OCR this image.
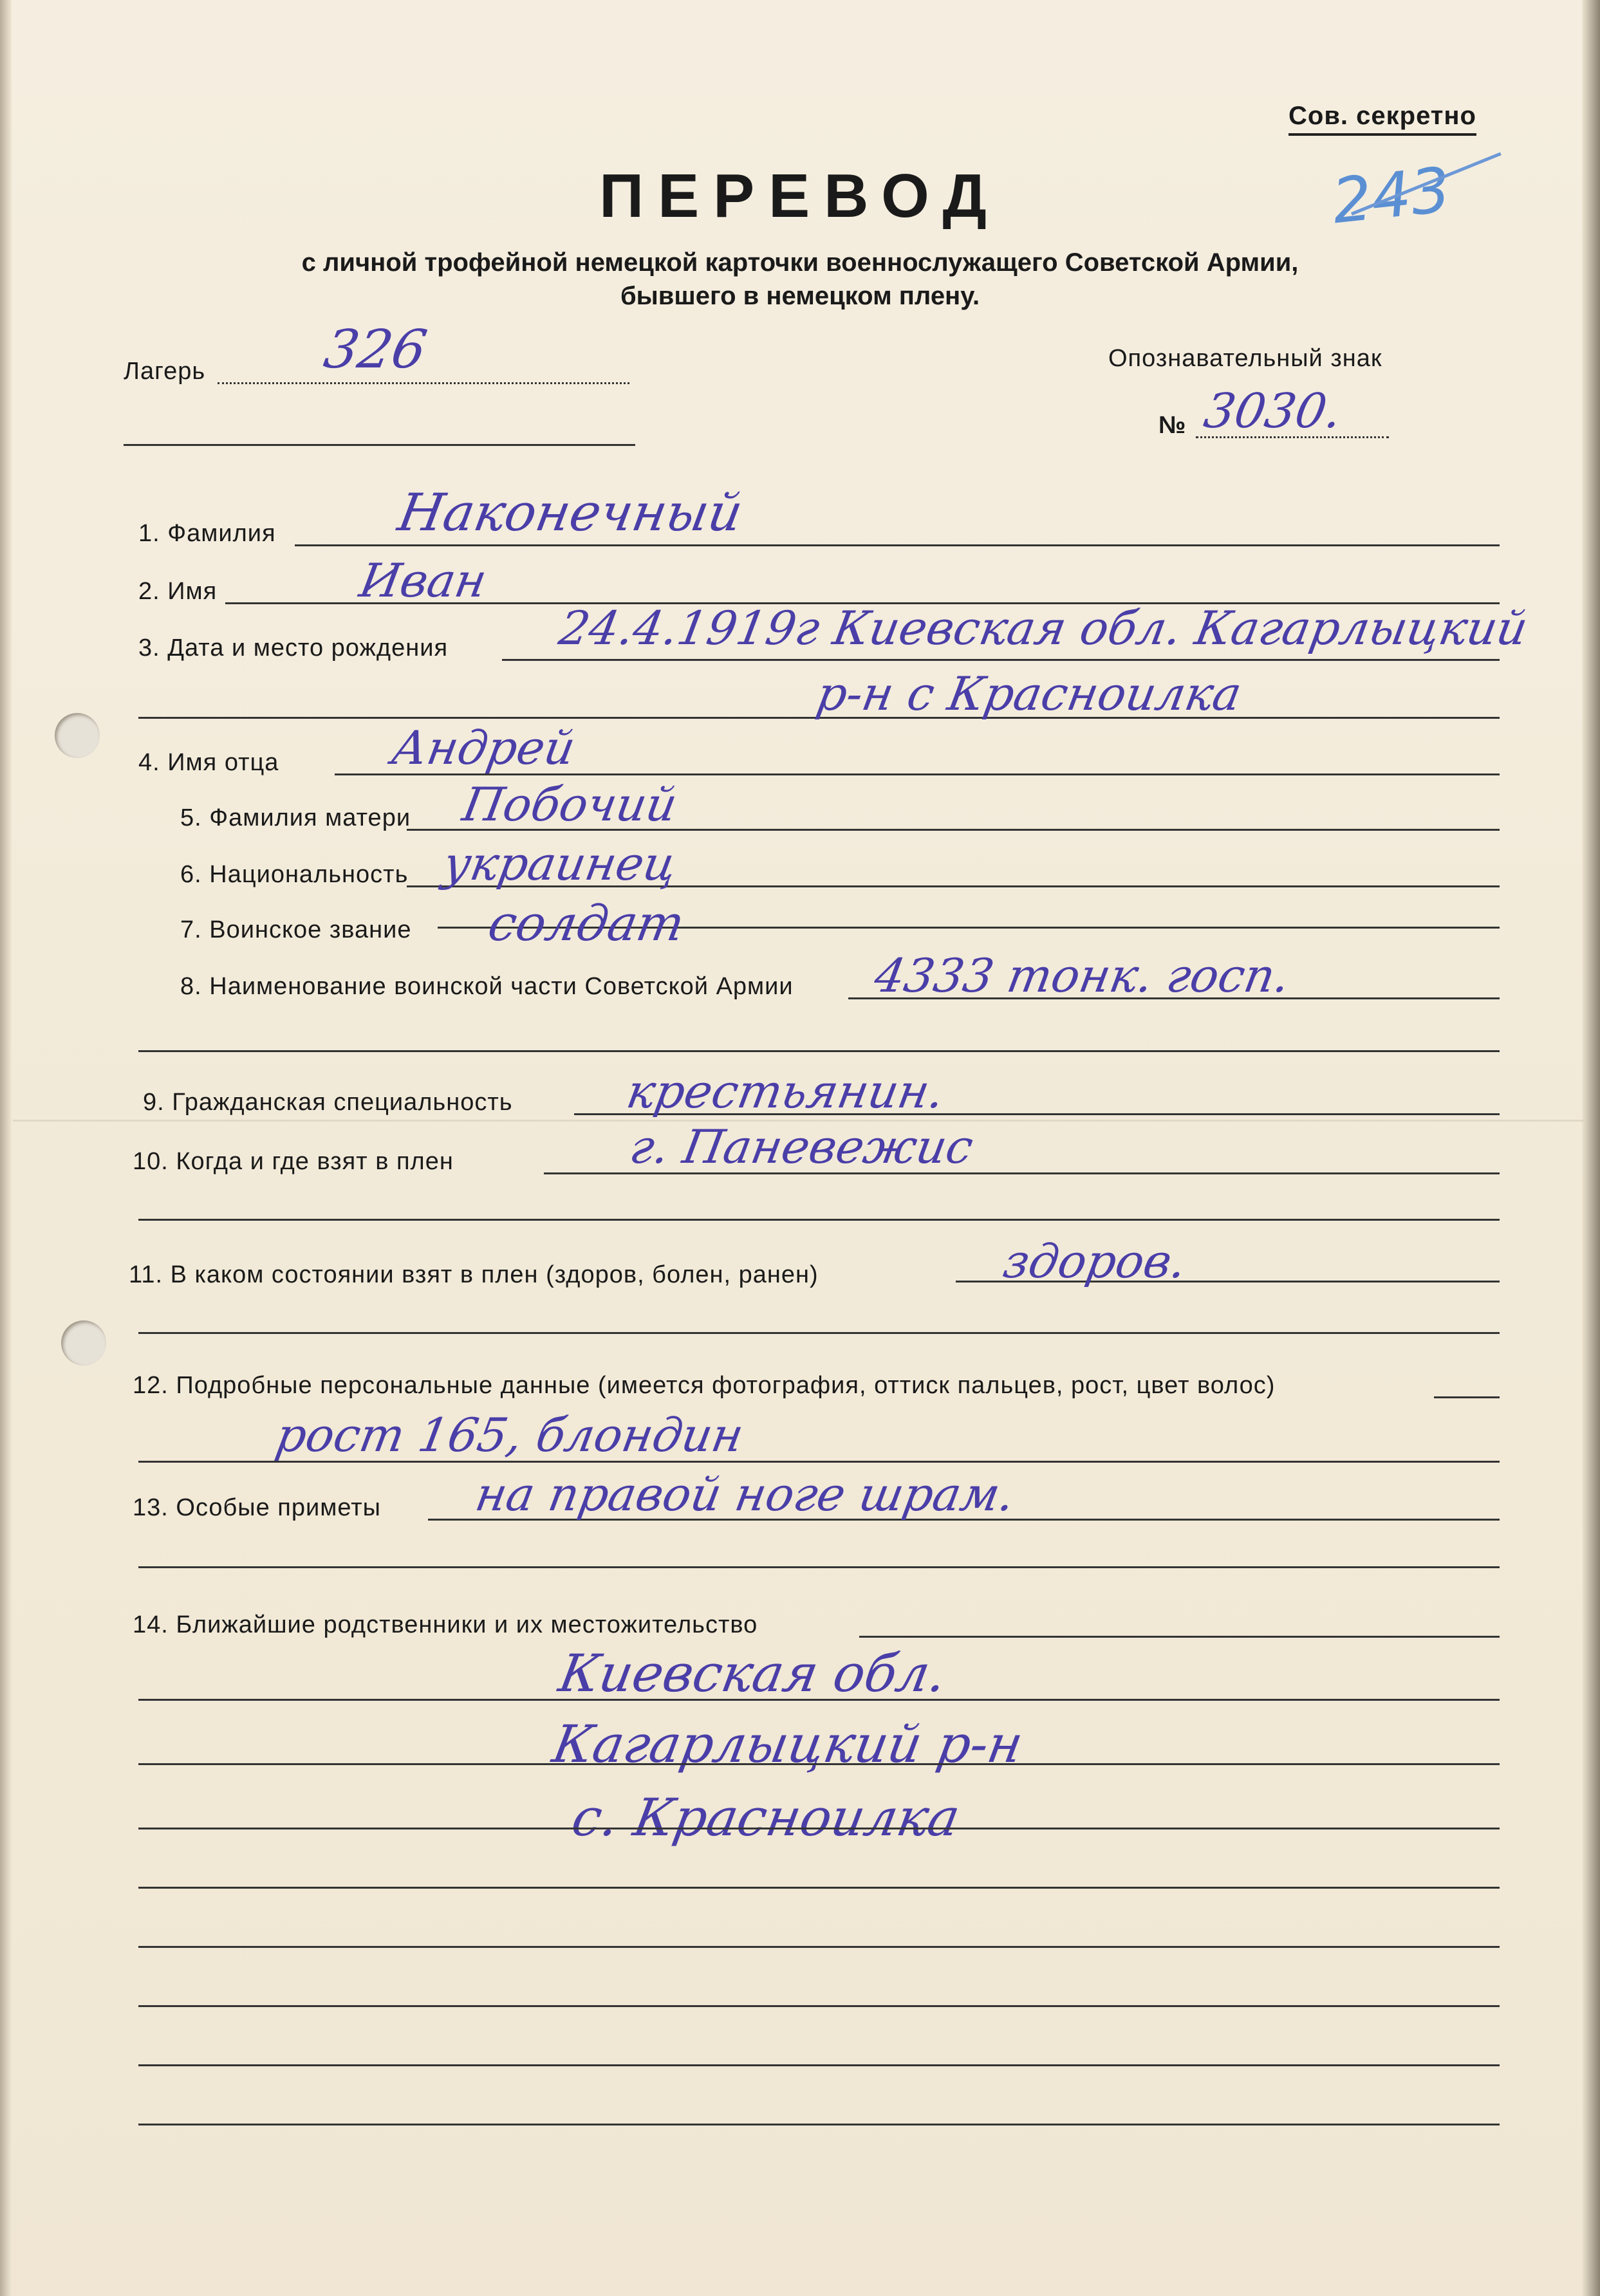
Сов. секретно
243
ПЕРЕВОД
с личной трофейной немецкой карточки военнослужащего Советской Армии,
бывшего в немецком плену.
Лагерь 326	Опознавательный знак
№ 3030.
1. Фамилия Наконечный
2. Имя	Иван
3. Дата и место рождения 24.4.1919г Киевская обл. Кагарлыцкий
р-н с Красноилка
4. Имя отца Андрей
5. Фамилия матери Побочий
6. Национальность украинец
7. Воинское звание солдат
8. Наименование воинской части Советской Армии 4333 тонк. госп.
9. Гражданская специальность крестьянин.
10. Когда и где взят в плен	г. Паневежис
11. В каком состоянии взят в плен (здоров, болен, ранен)	здоров.
12. Подробные персональные данные (имеется фотография, оттиск пальцев, рост, цвет волос)
рост 165, блондин
13. Особые приметы на правой ноге шрам.
14. Ближайшие родственники и их местожительство
Киевская обл.
Кагарлыцкий р-н
с. Красноилка
